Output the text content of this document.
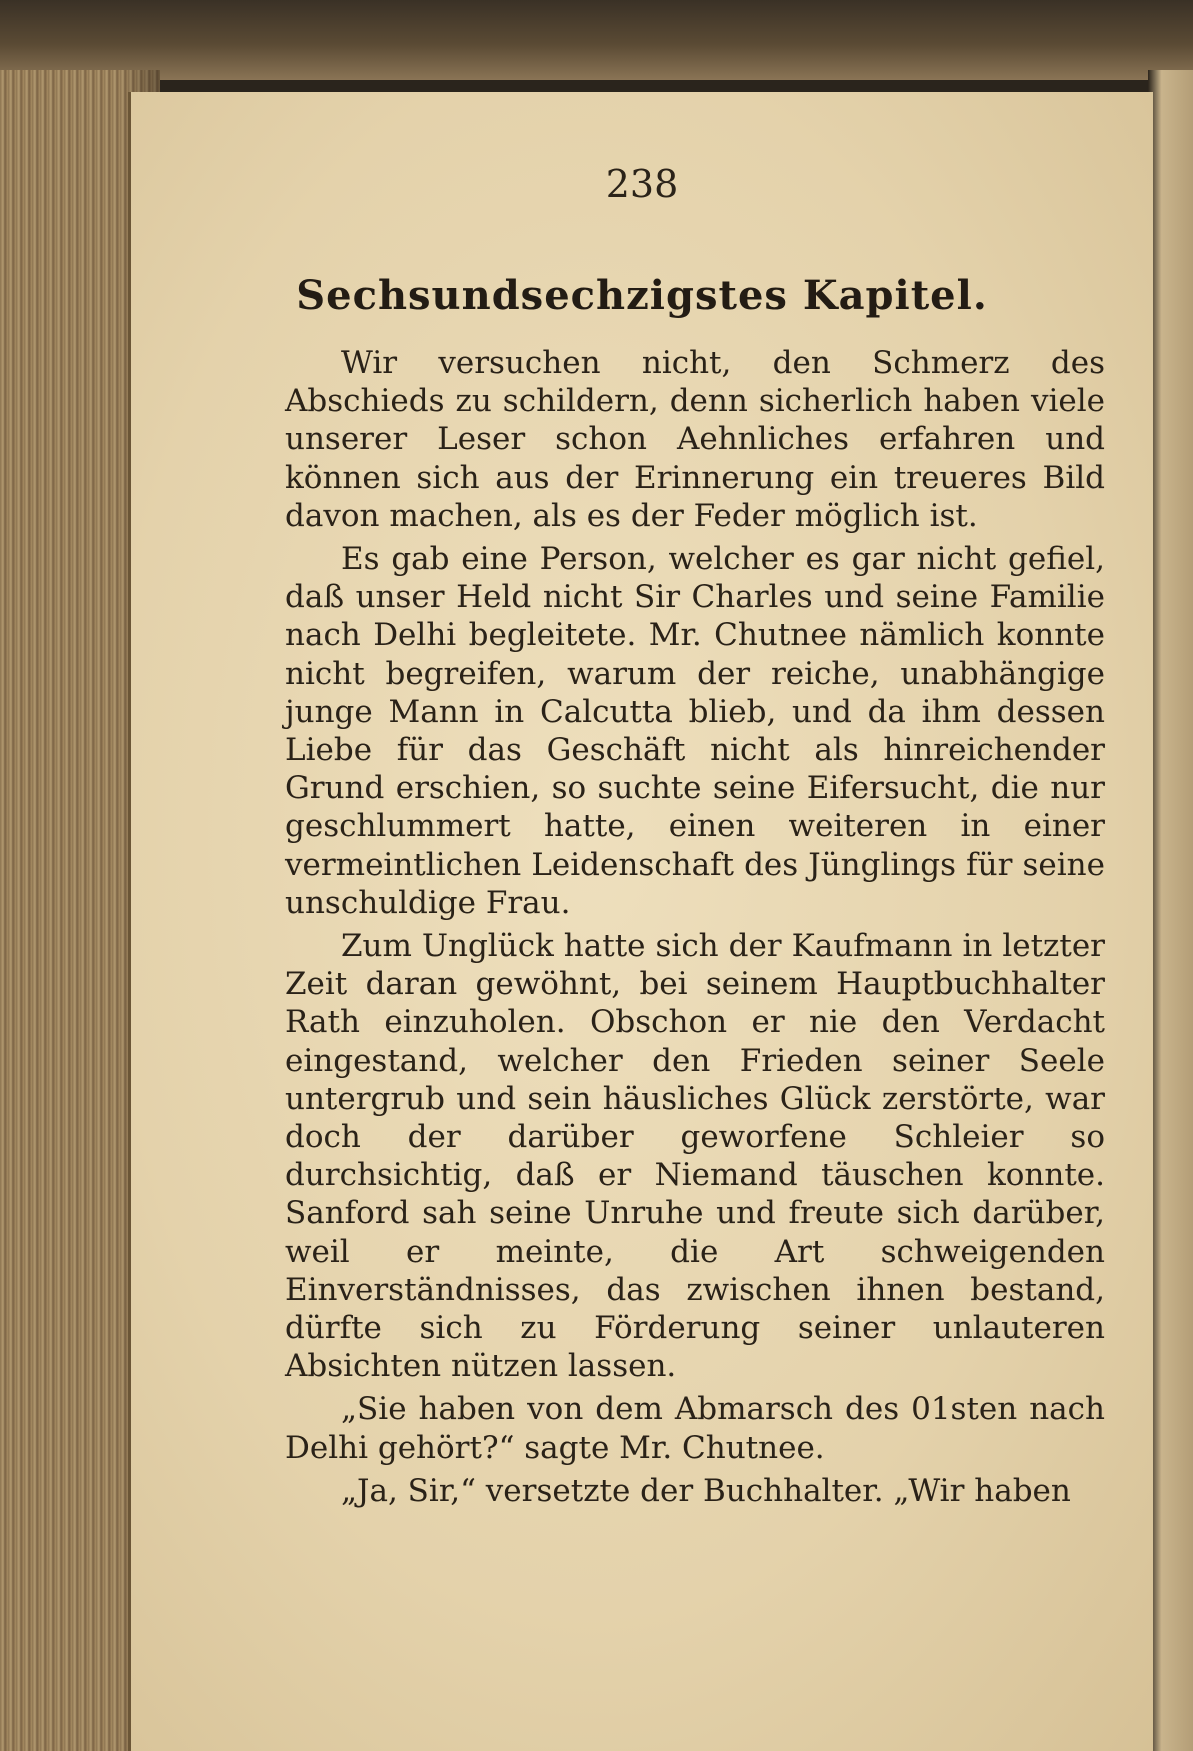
238
Sechsundsechzigstes Kapitel.

Wir versuchen nicht, den Schmerz des Abschieds zu schildern, denn sicherlich haben viele unserer Leser schon Aehnliches erfahren und können sich aus der Erinnerung ein treueres Bild davon machen, als es der Feder möglich ist.

Es gab eine Person, welcher es gar nicht gefiel, daß unser Held nicht Sir Charles und seine Familie nach Delhi begleitete. Mr. Chutnee nämlich konnte nicht begreifen, warum der reiche, unabhängige junge Mann in Calcutta blieb, und da ihm dessen Liebe für das Geschäft nicht als hinreichender Grund erschien, so suchte seine Eifersucht, die nur geschlummert hatte, einen weiteren in einer vermeintlichen Leidenschaft des Jünglings für seine unschuldige Frau.

Zum Unglück hatte sich der Kaufmann in letzter Zeit daran gewöhnt, bei seinem Hauptbuchhalter Rath einzuholen. Obschon er nie den Verdacht eingestand, welcher den Frieden seiner Seele untergrub und sein häusliches Glück zerstörte, war doch der darüber geworfene Schleier so durchsichtig, daß er Niemand täuschen konnte. Sanford sah seine Unruhe und freute sich darüber, weil er meinte, die Art schweigenden Einverständnisses, das zwischen ihnen bestand, dürfte sich zu Förderung seiner unlauteren Absichten nützen lassen.

„Sie haben von dem Abmarsch des 01sten nach Delhi gehört?“ sagte Mr. Chutnee.

„Ja, Sir,“ versetzte der Buchhalter. „Wir haben
